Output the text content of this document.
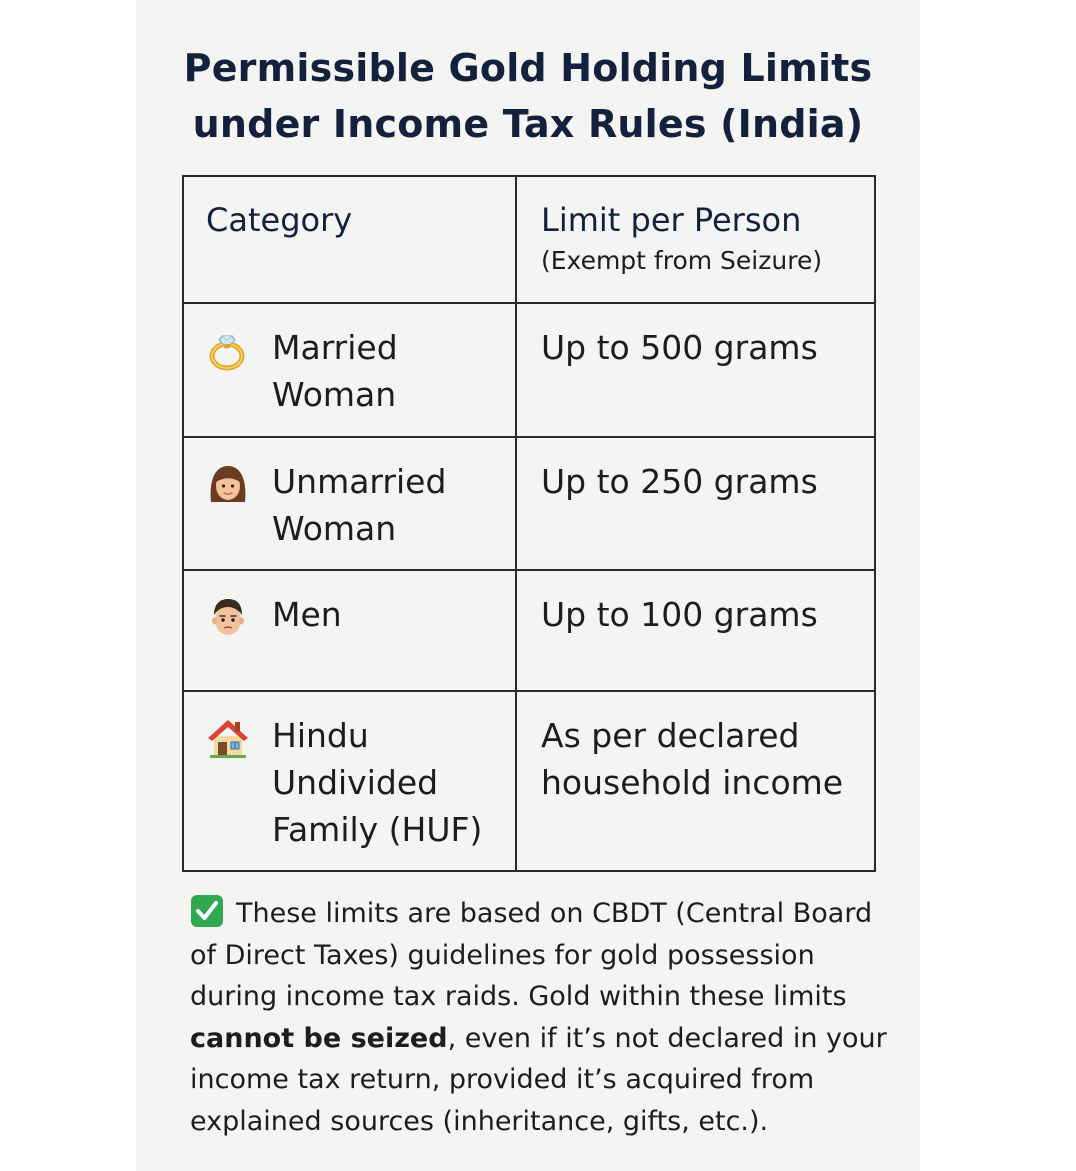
Permissible Gold Holding Limits
under Income Tax Rules (India)
Category	Limit per Person
(Exempt from Seizure)

Married
Woman	Up to 500 grams

Unmarried
Woman	Up to 250 grams

Men	Up to 100 grams

Hindu
Undivided
Family (HUF)	As per declared
household income
These limits are based on CBDT (Central Board of Direct Taxes) guidelines for gold possession during income tax raids. Gold within these limits cannot be seized, even if it’s not declared in your income tax return, provided it’s acquired from explained sources (inheritance, gifts, etc.).
